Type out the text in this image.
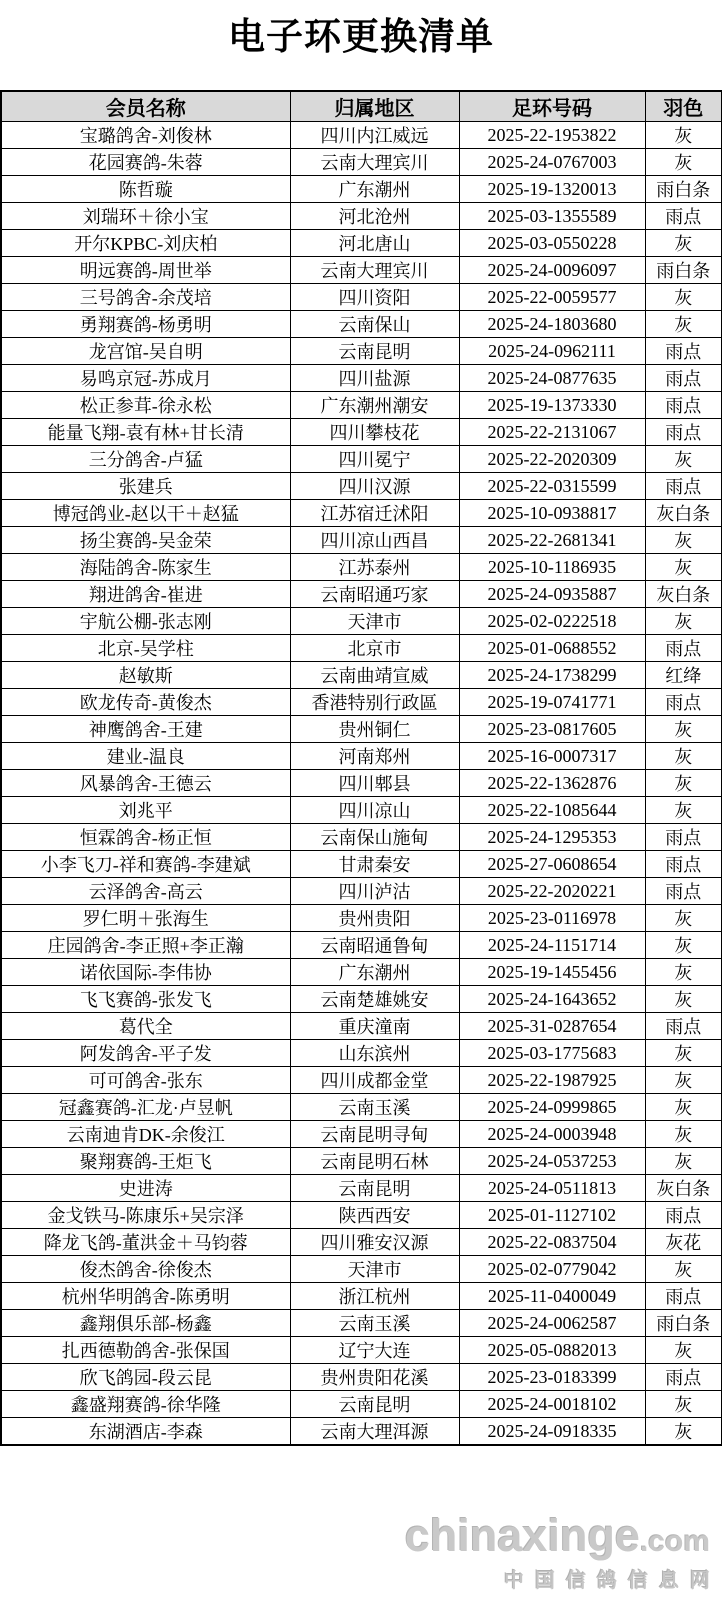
电子环更换清单
会员名称	归属地区	足环号码	羽色
宝璐鸽舍-刘俊林	四川内江威远	2025-22-1953822	灰
花园赛鸽-朱蓉	云南大理宾川	2025-24-0767003	灰
陈哲璇	广东潮州	2025-19-1320013	雨白条
刘瑞环＋徐小宝	河北沧州	2025-03-1355589	雨点
开尔KPBC-刘庆柏	河北唐山	2025-03-0550228	灰
明远赛鸽-周世举	云南大理宾川	2025-24-0096097	雨白条
三号鸽舍-余茂培	四川资阳	2025-22-0059577	灰
勇翔赛鸽-杨勇明	云南保山	2025-24-1803680	灰
龙宫馆-吴自明	云南昆明	2025-24-0962111	雨点
易鸣京冠-苏成月	四川盐源	2025-24-0877635	雨点
松正参茸-徐永松	广东潮州潮安	2025-19-1373330	雨点
能量飞翔-袁有林+甘长清	四川攀枝花	2025-22-2131067	雨点
三分鸽舍-卢猛	四川冕宁	2025-22-2020309	灰
张建兵	四川汉源	2025-22-0315599	雨点
博冠鸽业-赵以干＋赵猛	江苏宿迁沭阳	2025-10-0938817	灰白条
扬尘赛鸽-吴金荣	四川凉山西昌	2025-22-2681341	灰
海陆鸽舍-陈家生	江苏泰州	2025-10-1186935	灰
翔进鸽舍-崔进	云南昭通巧家	2025-24-0935887	灰白条
宇航公棚-张志刚	天津市	2025-02-0222518	灰
北京-吴学柱	北京市	2025-01-0688552	雨点
赵敏斯	云南曲靖宣威	2025-24-1738299	红绛
欧龙传奇-黄俊杰	香港特别行政區	2025-19-0741771	雨点
神鹰鸽舍-王建	贵州铜仁	2025-23-0817605	灰
建业-温良	河南郑州	2025-16-0007317	灰
风暴鸽舍-王德云	四川郫县	2025-22-1362876	灰
刘兆平	四川凉山	2025-22-1085644	灰
恒霖鸽舍-杨正恒	云南保山施甸	2025-24-1295353	雨点
小李飞刀-祥和赛鸽-李建斌	甘肃秦安	2025-27-0608654	雨点
云泽鸽舍-高云	四川泸沽	2025-22-2020221	雨点
罗仁明＋张海生	贵州贵阳	2025-23-0116978	灰
庄园鸽舍-李正照+李正瀚	云南昭通鲁甸	2025-24-1151714	灰
诺依国际-李伟协	广东潮州	2025-19-1455456	灰
飞飞赛鸽-张发飞	云南楚雄姚安	2025-24-1643652	灰
葛代全	重庆潼南	2025-31-0287654	雨点
阿发鸽舍-平子发	山东滨州	2025-03-1775683	灰
可可鸽舍-张东	四川成都金堂	2025-22-1987925	灰
冠鑫赛鸽-汇龙·卢昱帆	云南玉溪	2025-24-0999865	灰
云南迪肯DK-余俊江	云南昆明寻甸	2025-24-0003948	灰
聚翔赛鸽-王炬飞	云南昆明石林	2025-24-0537253	灰
史进涛	云南昆明	2025-24-0511813	灰白条
金戈铁马-陈康乐+吴宗泽	陕西西安	2025-01-1127102	雨点
降龙飞鸽-董洪金＋马钧蓉	四川雅安汉源	2025-22-0837504	灰花
俊杰鸽舍-徐俊杰	天津市	2025-02-0779042	灰
杭州华明鸽舍-陈勇明	浙江杭州	2025-11-0400049	雨点
鑫翔俱乐部-杨鑫	云南玉溪	2025-24-0062587	雨白条
扎西德勒鸽舍-张保国	辽宁大连	2025-05-0882013	灰
欣飞鸽园-段云昆	贵州贵阳花溪	2025-23-0183399	雨点
鑫盛翔赛鸽-徐华隆	云南昆明	2025-24-0018102	灰
东湖酒店-李森	云南大理洱源	2025-24-0918335	灰
chinaxinge.com
中国信鸽信息网
